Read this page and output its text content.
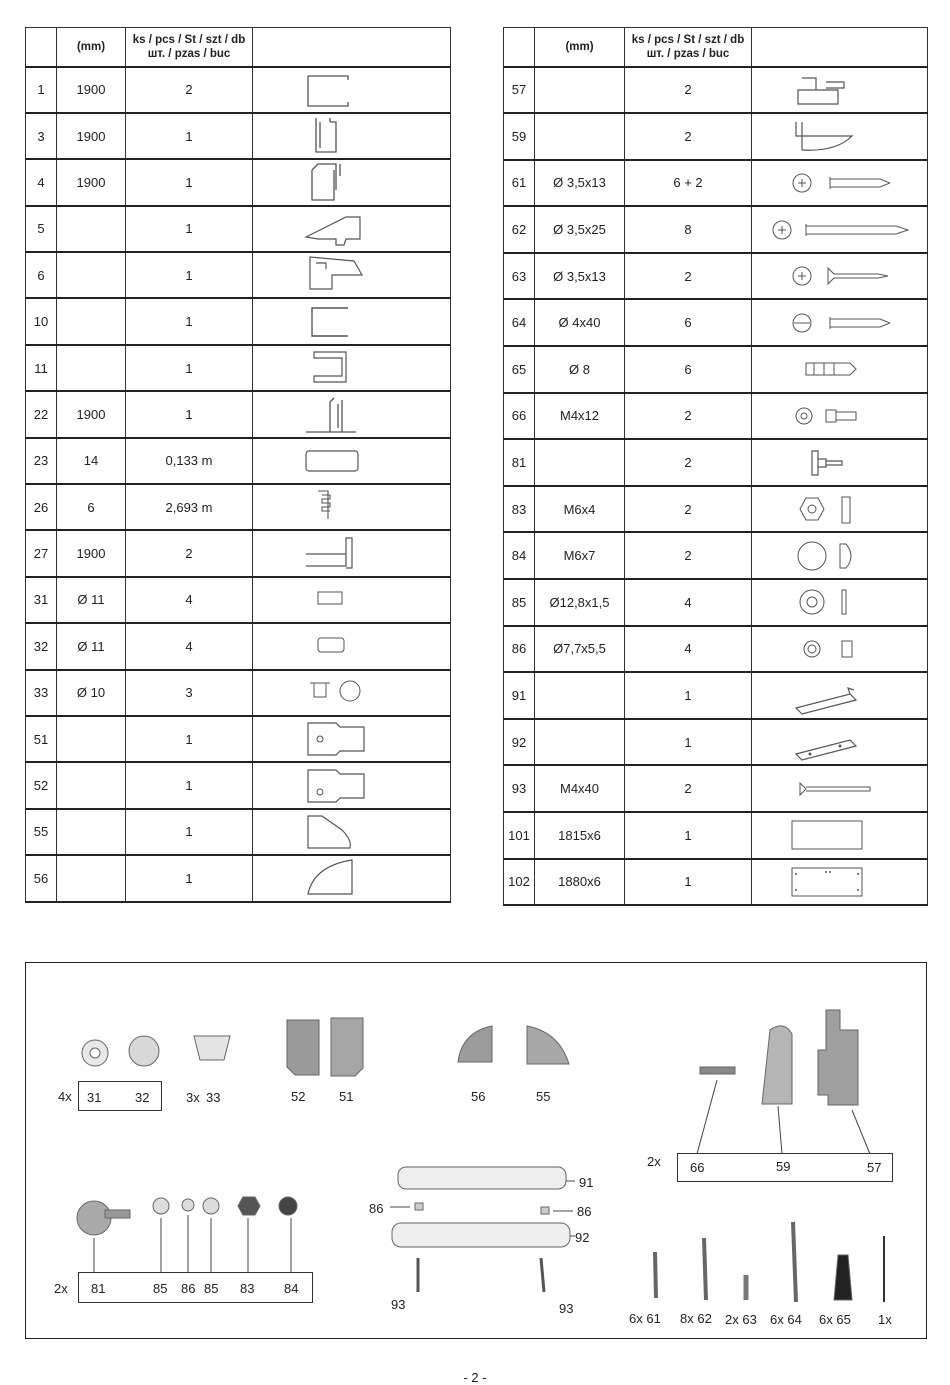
	(mm)	ks / pcs / St / szt / db
шт. / pzas / buc	

1	1900	2	

3	1900	1	

4	1900	1	

5		1	

6		1	

10		1	

11		1	

22	1900	1	

23	14	0,133 m	

26	6	2,693 m	

27	1900	2	

31	Ø 11	4	

32	Ø 11	4	

33	Ø 10	3	

51		1	

52		1	

55		1	

56		1	
	(mm)	ks / pcs / St / szt / db
шт. / pzas / buc	

57		2	

59		2	

61	Ø 3,5x13	6 + 2	

62	Ø 3,5x25	8	

63	Ø 3,5x13	2	

64	Ø 4x40	6	

65	Ø 8	6	

66	M4x12	2	

81		2	

83	M6x4	2	

84	M6x7	2	

85	Ø12,8x1,5	4	

86	Ø7,7x5,5	4	

91		1	

92		1	

93	M4x40	2	

101	1815x6	1	

102	1880x6	1	
4x 31	32	3x 33	52	51	56	55
2x 66	59	57
2x 81	85 86 85 83 84
91
86	86
92
93	93
6x 61 8x 62 2x 63 6x 64 6x 65 1x
- 2 -
